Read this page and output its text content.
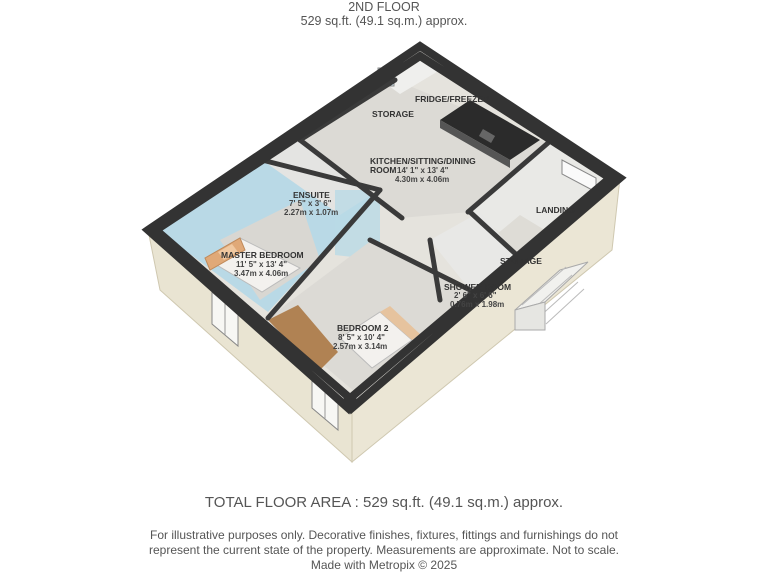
2ND FLOOR
529 sq.ft. (49.1 sq.m.) approx.
FRIDGE/FREEZER
STORAGE
KITCHEN/SITTING/DINING
ROOM 14' 1" x 13' 4"
4.30m x 4.06m
ENSUITE
7' 5" x 3' 6"
2.27m x 1.07m
MASTER BEDROOM
11' 5" x 13' 4"
3.47m x 4.06m
LANDING
STORAGE
SHOWER ROOM
2' 6" x 6' 6"
0.76m x 1.98m
BEDROOM 2
8' 5" x 10' 4"
2.57m x 3.14m
TOTAL FLOOR AREA : 529 sq.ft. (49.1 sq.m.) approx.
For illustrative purposes only. Decorative finishes, fixtures, fittings and furnishings do not
represent the current state of the property. Measurements are approximate. Not to scale.
Made with Metropix © 2025
